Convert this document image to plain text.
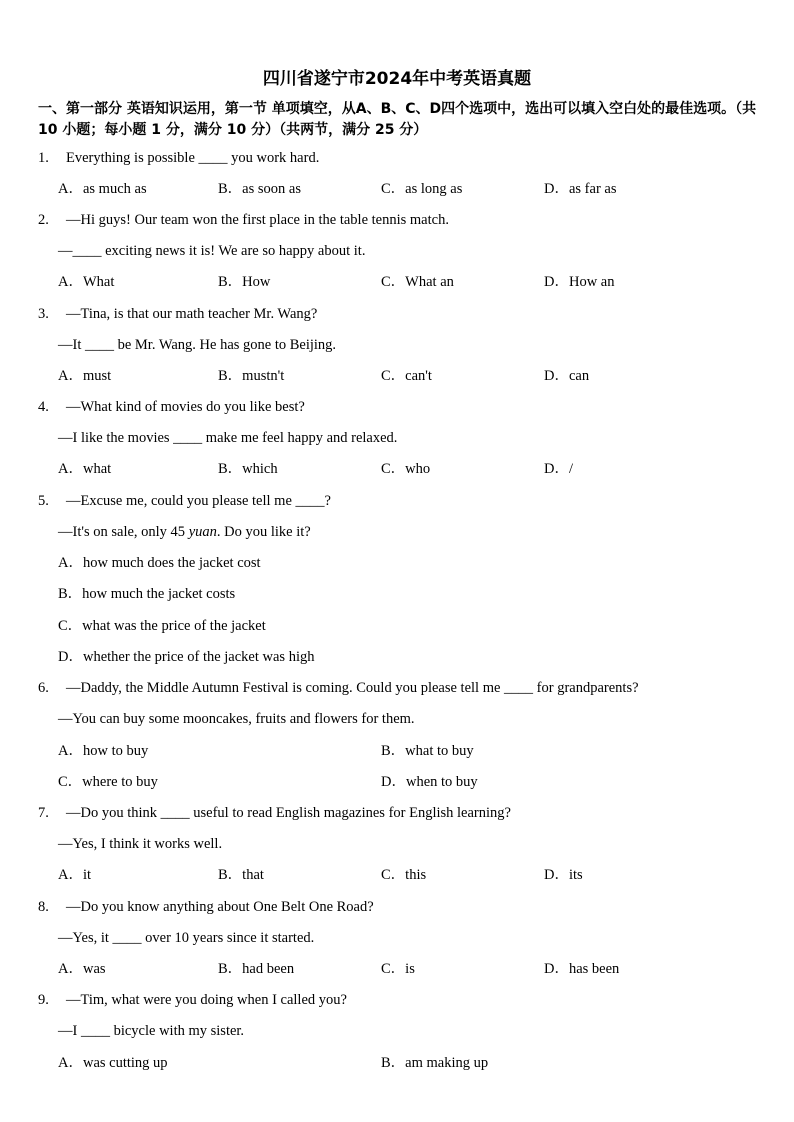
四川省遂宁市2024年中考英语真题
一、第一部分 英语知识运用，第一节 单项填空，从A、B、C、D四个选项中，选出可以填入空白处的最佳选项。（共 10 小题；每小题 1 分，满分 10 分）（共两节，满分 25 分）
1. Everything is possible ____ you work hard.
A．as much as	B．as soon as	C．as long as	D．as far as
2. —Hi guys! Our team won the first place in the table tennis match.
—____ exciting news it is! We are so happy about it.
A．What	B．How	C．What an	D．How an
3. —Tina, is that our math teacher Mr. Wang?
—It ____ be Mr. Wang. He has gone to Beijing.
A．must	B．mustn't	C．can't	D．can
4. —What kind of movies do you like best?
—I like the movies ____ make me feel happy and relaxed.
A．what	B．which	C．who	D．/
5. —Excuse me, could you please tell me ____?
—It's on sale, only 45 yuan. Do you like it?
A．how much does the jacket cost
B．how much the jacket costs
C．what was the price of the jacket
D．whether the price of the jacket was high
6. —Daddy, the Middle Autumn Festival is coming. Could you please tell me ____ for grandparents?
—You can buy some mooncakes, fruits and flowers for them.
A．how to buy	B．what to buy
C．where to buy	D．when to buy
7. —Do you think ____ useful to read English magazines for English learning?
—Yes, I think it works well.
A．it	B．that	C．this	D．its
8. —Do you know anything about One Belt One Road?
—Yes, it ____ over 10 years since it started.
A．was	B．had been	C．is	D．has been
9. —Tim, what were you doing when I called you?
—I ____ bicycle with my sister.
A．was cutting up	B．am making up
